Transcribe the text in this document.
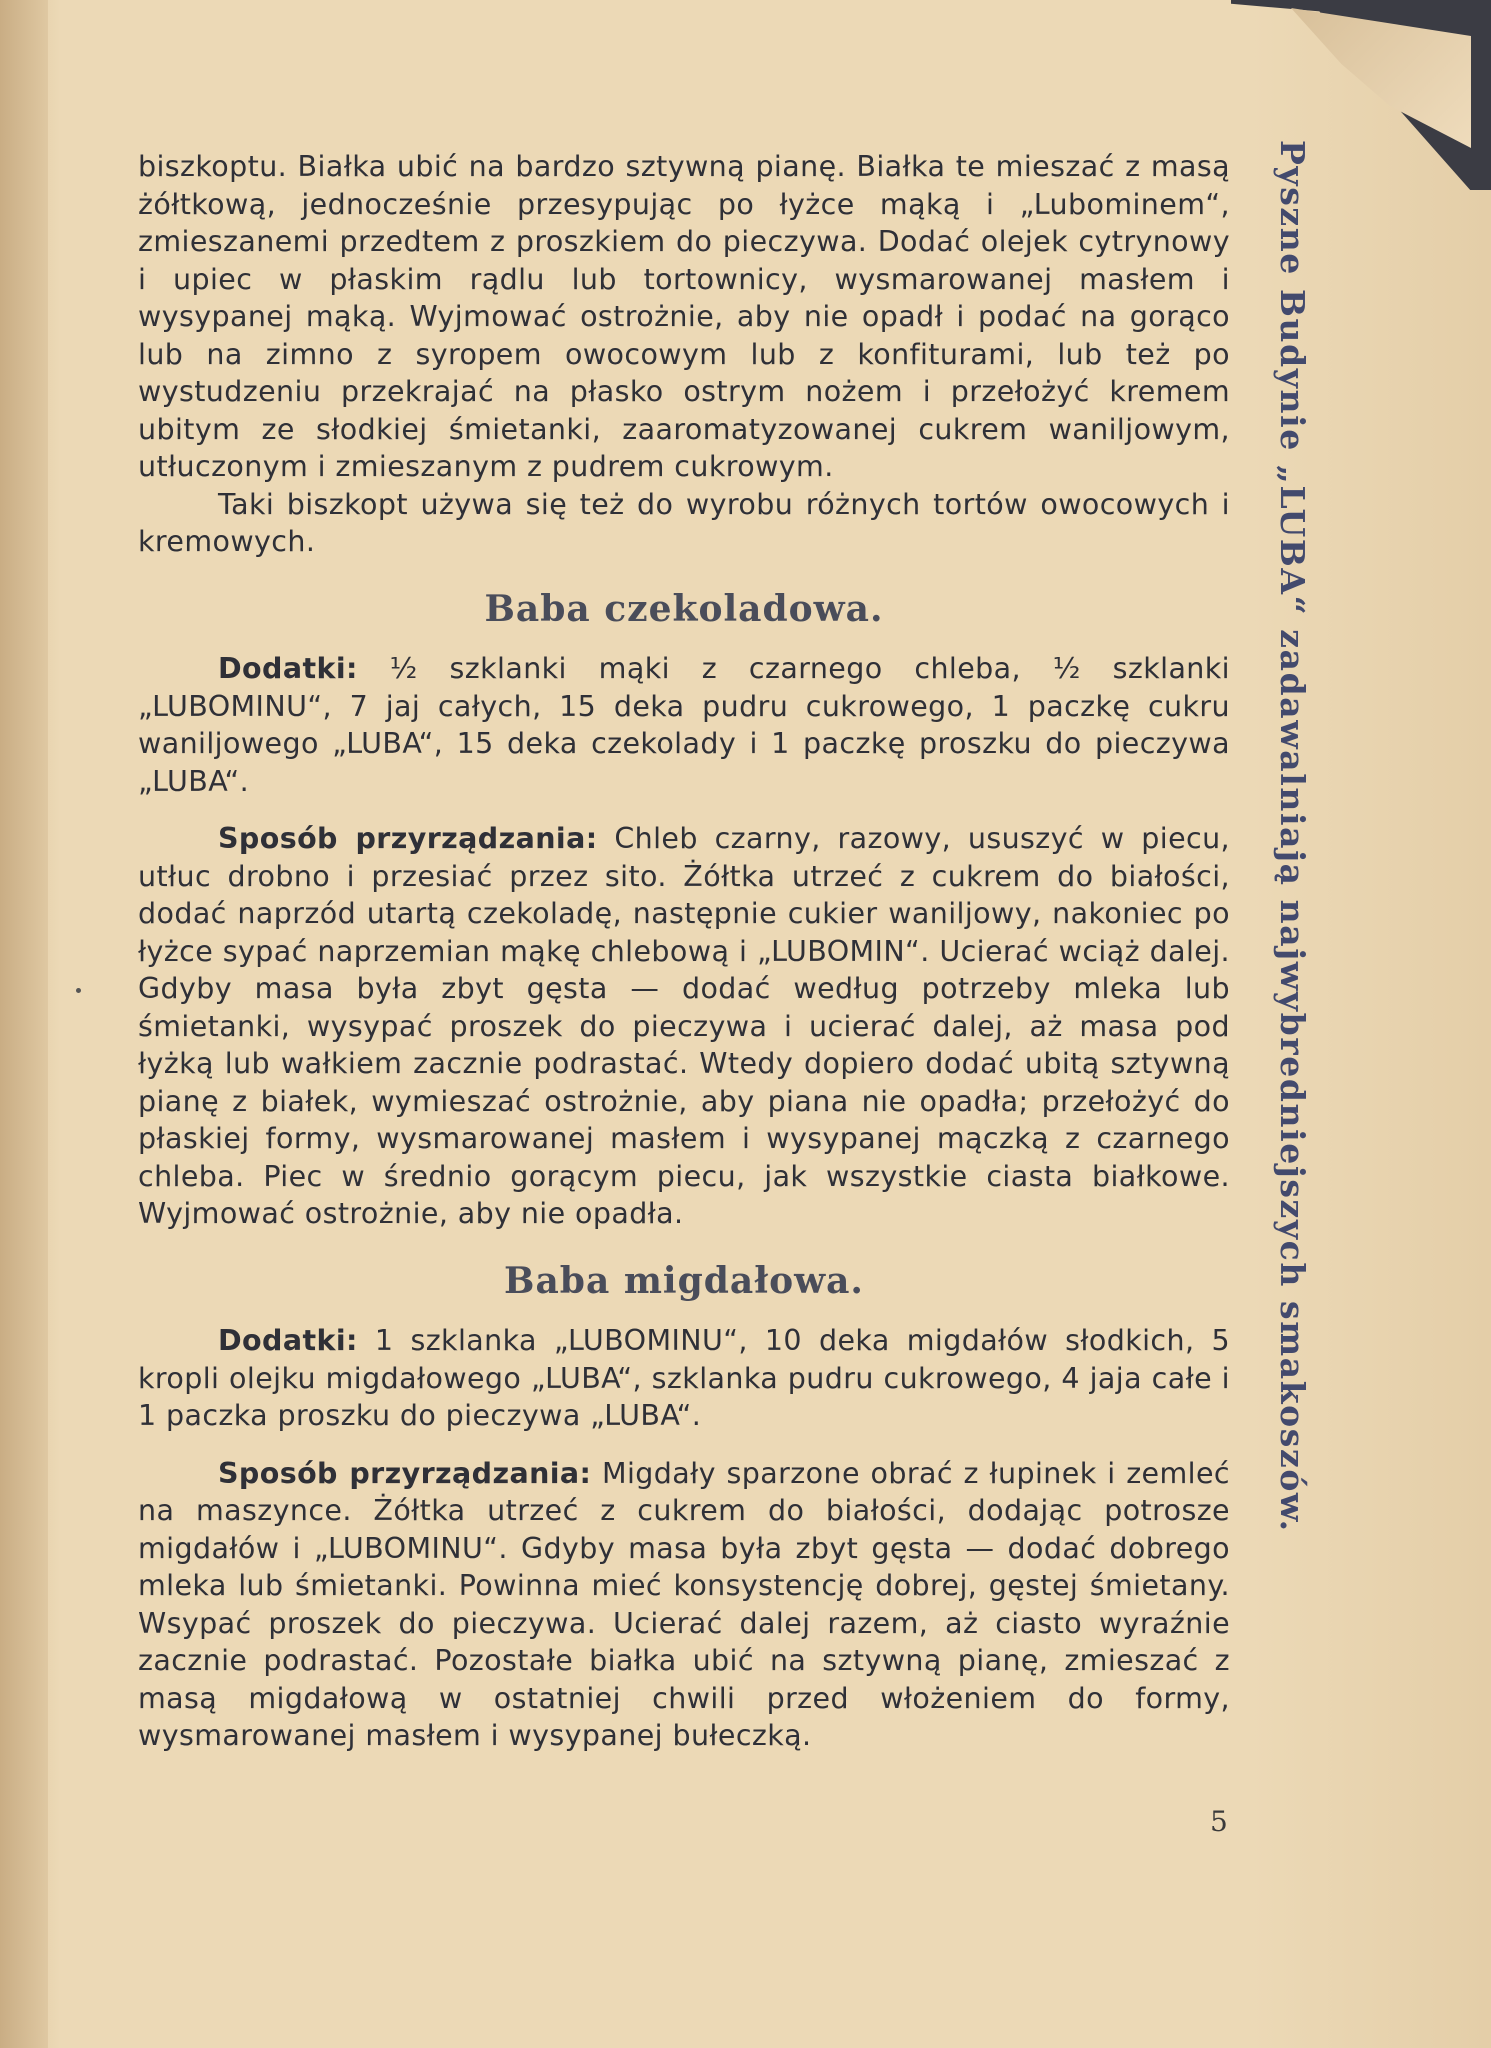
biszkoptu. Białka ubić na bardzo sztywną pianę. Białka te mieszać z masą żółtkową, jednocześnie przesypując po łyżce mąką i „Lubominem“, zmieszanemi przedtem z proszkiem do pieczywa. Dodać olejek cytrynowy i upiec w płaskim rądlu lub tortownicy, wysmarowanej masłem i wysypanej mąką. Wyjmować ostrożnie, aby nie opadł i podać na gorąco lub na zimno z syropem owocowym lub z konfiturami, lub też po wystudzeniu przekrajać na płasko ostrym nożem i przełożyć kremem ubitym ze słodkiej śmietanki, zaaromatyzowanej cukrem waniljowym, utłuczonym i zmieszanym z pudrem cukrowym.

Taki biszkopt używa się też do wyrobu różnych tortów owocowych i kremowych.

Baba czekoladowa.

Dodatki: ½ szklanki mąki z czarnego chleba, ½ szklanki „LUBOMINU“, 7 jaj całych, 15 deka pudru cukrowego, 1 paczkę cukru waniljowego „LUBA“, 15 deka czekolady i 1 paczkę proszku do pieczywa „LUBA“.

Sposób przyrządzania: Chleb czarny, razowy, ususzyć w piecu, utłuc drobno i przesiać przez sito. Żółtka utrzeć z cukrem do białości, dodać naprzód utartą czekoladę, następnie cukier waniljowy, nakoniec po łyżce sypać naprzemian mąkę chlebową i „LUBOMIN“. Ucierać wciąż dalej. Gdyby masa była zbyt gęsta — dodać według potrzeby mleka lub śmietanki, wysypać proszek do pieczywa i ucierać dalej, aż masa pod łyżką lub wałkiem zacznie podrastać. Wtedy dopiero dodać ubitą sztywną pianę z białek, wymieszać ostrożnie, aby piana nie opadła; przełożyć do płaskiej formy, wysmarowanej masłem i wysypanej mączką z czarnego chleba. Piec w średnio gorącym piecu, jak wszystkie ciasta białkowe. Wyjmować ostrożnie, aby nie opadła.

Baba migdałowa.

Dodatki: 1 szklanka „LUBOMINU“, 10 deka migdałów słodkich, 5 kropli olejku migdałowego „LUBA“, szklanka pudru cukrowego, 4 jaja całe i 1 paczka proszku do pieczywa „LUBA“.

Sposób przyrządzania: Migdały sparzone obrać z łupinek i zemleć na maszyncе. Żółtka utrzeć z cukrem do białości, dodając potrosze migdałów i „LUBOMINU“. Gdyby masa była zbyt gęsta — dodać dobrego mleka lub śmietanki. Powinna mieć konsystencję dobrej, gęstej śmietany. Wsypać proszek do pieczywa. Ucierać dalej razem, aż ciasto wyraźnie zacznie podrastać. Pozostałe białka ubić na sztywną pianę, zmieszać z masą migdałową w ostatniej chwili przed włożeniem do formy, wysmarowanej masłem i wysypanej bułeczką.

Pyszne Budynie „LUBA“ zadawalniają najwybredniejszych smakoszów.
5
